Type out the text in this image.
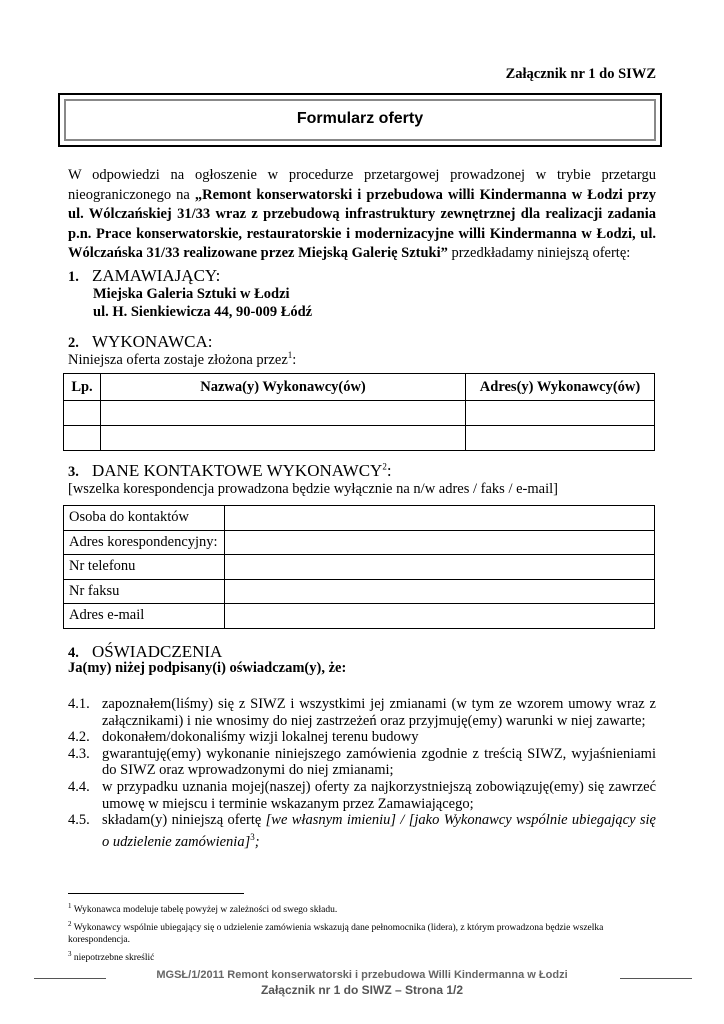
Załącznik nr 1 do SIWZ
Formularz oferty
W odpowiedzi na ogłoszenie w procedurze przetargowej prowadzonej w trybie przetargu nieograniczonego na „Remont konserwatorski i przebudowa willi Kindermanna w Łodzi przy ul. Wólczańskiej 31/33 wraz z przebudową infrastruktury zewnętrznej dla realizacji zadania p.n. Prace konserwatorskie, restauratorskie i modernizacyjne willi Kindermanna w Łodzi, ul. Wólczańska 31/33 realizowane przez Miejską Galerię Sztuki” przedkładamy niniejszą ofertę:
1. ZAMAWIAJĄCY:
Miejska Galeria Sztuki w Łodzi
ul. H. Sienkiewicza 44, 90-009 Łódź
2. WYKONAWCA:
Niniejsza oferta zostaje złożona przez$^1$:
Lp.	Nazwa(y) Wykonawcy(ów)	Adres(y) Wykonawcy(ów)

3. DANE KONTAKTOWE WYKONAWCY$^2$:
[wszelka korespondencja prowadzona będzie wyłącznie na n/w adres / faks / e-mail]
Osoba do kontaktów	
Adres korespondencyjny:	
Nr telefonu	
Nr faksu	
Adres e-mail	
4. OŚWIADCZENIA
Ja(my) niżej podpisany(i) oświadczam(y), że:
4.1. zapoznałem(liśmy) się z SIWZ i wszystkimi jej zmianami (w tym ze wzorem umowy wraz z załącznikami) i nie wnosimy do niej zastrzeżeń oraz przyjmuję(emy) warunki w niej zawarte;
4.2. dokonałem/dokonaliśmy wizji lokalnej terenu budowy
4.3. gwarantuję(emy) wykonanie niniejszego zamówienia zgodnie z treścią SIWZ, wyjaśnieniami do SIWZ oraz wprowadzonymi do niej zmianami;
4.4. w przypadku uznania mojej(naszej) oferty za najkorzystniejszą zobowiązuję(emy) się zawrzeć umowę w miejscu i terminie wskazanym przez Zamawiającego;
4.5. składam(y) niniejszą ofertę [we własnym imieniu] / [jako Wykonawcy wspólnie ubiegający się o udzielenie zamówienia]$^3$;
$^1$ Wykonawca modeluje tabelę powyżej w zależności od swego składu.
$^2$ Wykonawcy wspólnie ubiegający się o udzielenie zamówienia wskazują dane pełnomocnika (lidera), z którym prowadzona będzie wszelka korespondencja.
$^3$ niepotrzebne skreślić
MGSŁ/1/2011 Remont konserwatorski i przebudowa Willi Kindermanna w Łodzi
Załącznik nr 1 do SIWZ – Strona 1/2
